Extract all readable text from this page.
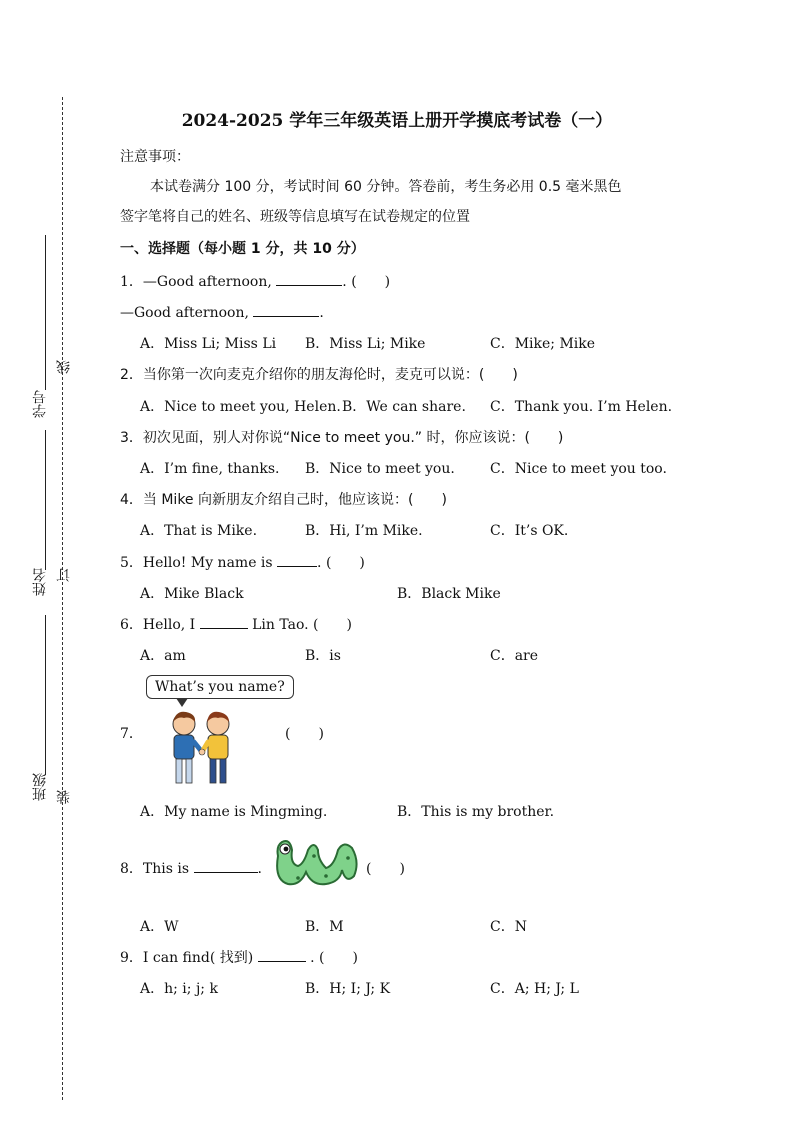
学号
线
姓名 订
班级 装
2024-2025 学年三年级英语上册开学摸底考试卷（一）
注意事项：
本试卷满分 100 分，考试时间 60 分钟。答卷前，考生务必用 0.5 毫米黑色
签字笔将自己的姓名、班级等信息填写在试卷规定的位置
一、选择题（每小题 1 分，共 10 分）
1．—Good afternoon,	. (　　)
—Good afternoon,	.
A．Miss Li; Miss Li B．Miss Li; Mike	C．Mike; Mike
2．当你第一次向麦克介绍你的朋友海伦时，麦克可以说：(　　)
A．Nice to meet you, Helen. B．We can share. C．Thank you. I’m Helen.
3．初次见面，别人对你说“Nice to meet you.” 时，你应该说：(　　)
A．I’m fine, thanks. B．Nice to meet you.	C．Nice to meet you too.
4．当 Mike 向新朋友介绍自己时，他应该说：(　　)
A．That is Mike.	B．Hi, I’m Mike.	C．It’s OK.
5．Hello! My name is	. (　　)
A．Mike Black	B．Black Mike
6．Hello, I	Lin Tao. (　　)
A．am	B．is	C．are
What’s you name?
7．	(　　)
A．My name is Mingming.	B．This is my brother.
8．This is	.	(　　)
A．W	B．M	C．N
9．I can find( 找到)	. (　　)
A．h; i; j; k	B．H; I; J; K	C．A; H; J; L
